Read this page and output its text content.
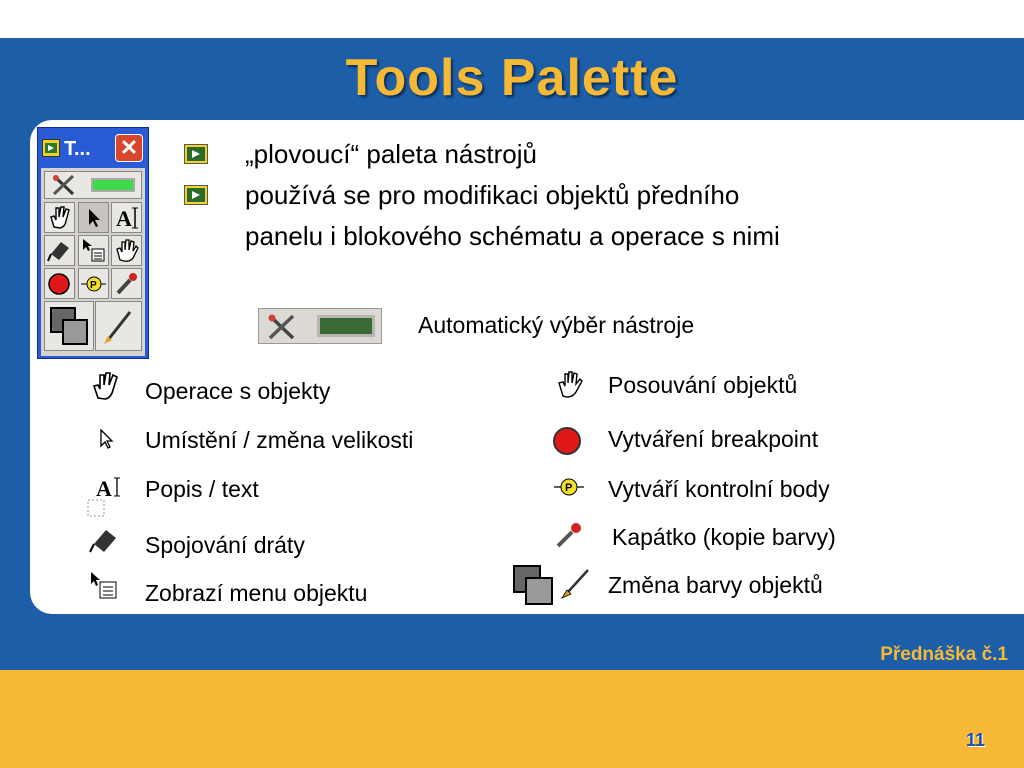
Tools Palette
T...	✕
A
P
„plovoucí“ paleta nástrojů
používá se pro modifikaci objektů předního
panelu i blokového schématu a operace s nimi
Automatický výběr nástroje
Operace s objekty
Umístění / změna velikosti
A Popis / text
Spojování dráty
Zobrazí menu objektu
Posouvání objektů
Vytváření breakpoint
P Vytváří kontrolní body
Kapátko (kopie barvy)
Změna barvy objektů
Přednáška č.1
11
